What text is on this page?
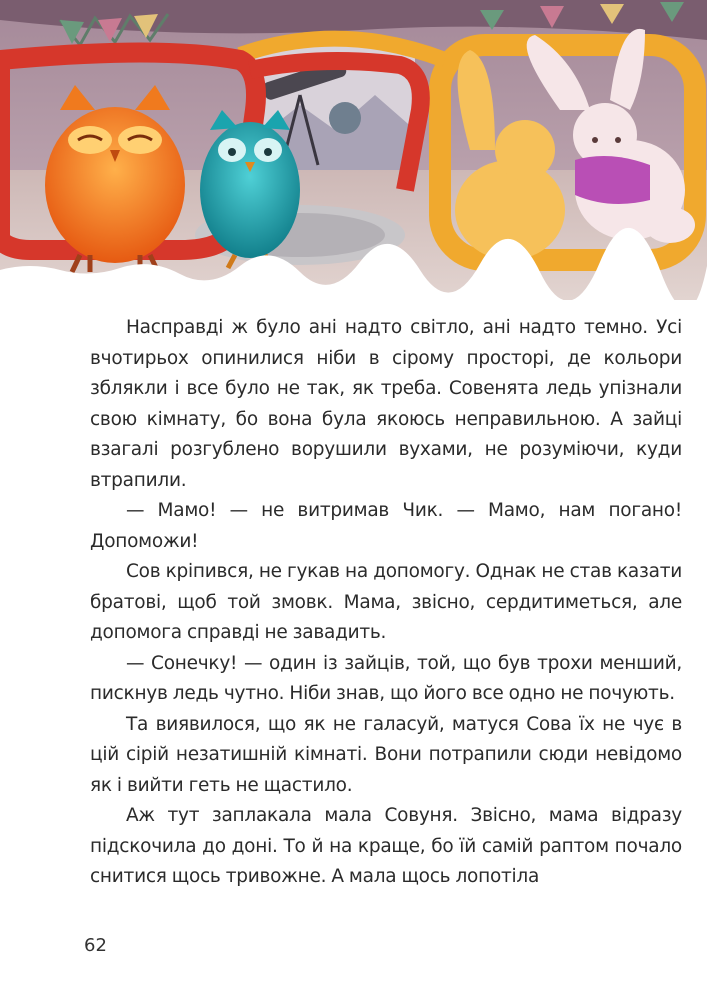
Насправді ж було ані надто світло, ані надто темно. Усі вчотирьох опинилися ніби в сірому просторі, де кольори зблякли і все було не так, як треба. Совенята ледь упізнали свою кімнату, бо вона була якоюсь неправильною. А зайці взагалі розгублено ворушили вухами, не розуміючи, куди втрапили.

— Мамо! — не витримав Чик. — Мамо, нам погано! Допоможи!

Сов кріпився, не гукав на допомогу. Однак не став казати братові, щоб той змовк. Мама, звісно, сердитиметься, але допомога справді не завадить.

— Сонечку! — один із зайців, той, що був трохи менший, пискнув ледь чутно. Ніби знав, що його все одно не почують.

Та виявилося, що як не галасуй, матуся Сова їх не чує в цій сірій незатишній кімнаті. Вони потрапили сюди невідомо як і вийти геть не щастило.

Аж тут заплакала мала Совуня. Звісно, мама відразу підскочила до доні. То й на краще, бо їй самій раптом почало снитися щось тривожне. А мала щось лопотіла

62
